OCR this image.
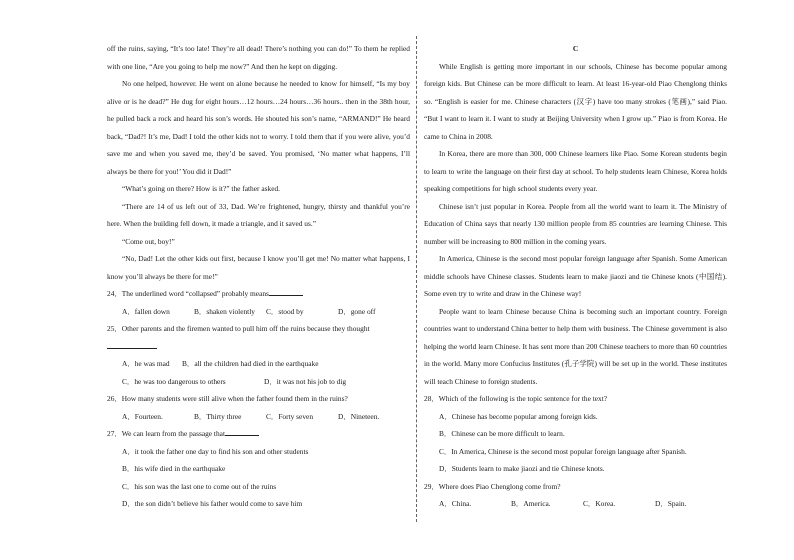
off the ruins, saying, “It’s too late! They’re all dead! There’s nothing you can do!” To them he replied with one line, “Are you going to help me now?” And then he kept on digging.

No one helped, however. He went on alone because he needed to know for himself, “Is my boy alive or is he dead?” He dug for eight hours…12 hours…24 hours…36 hours.. then in the 38th hour, he pulled back a rock and heard his son’s words. He shouted his son’s name, “ARMAND!” He heard back, “Dad?! It’s me, Dad! I told the other kids not to worry. I told them that if you were alive, you’d save me and when you saved me, they’d be saved. You promised, ‘No matter what happens, I’ll always be there for you!’ You did it Dad!”

“What’s going on there? How is it?” the father asked.

“There are 14 of us left out of 33, Dad. We’re frightened, hungry, thirsty and thankful you’re here. When the building fell down, it made a triangle, and it saved us.”

“Come out, boy!”

“No, Dad! Let the other kids out first, because I know you’ll get me! No matter what happens, I know you’ll always be there for me!”

24．The underlined word “collapsed” probably means

A．fallen down	B．shaken violently	C．stood by	D．gone off

25．Other parents and the firemen wanted to pull him off the ruins because they thought

A．he was mad	B．all the children had died in the earthquake
C．he was too dangerous to others	D．it was not his job to dig

26．How many students were still alive when the father found them in the ruins?

A．Fourteen.	B．Thirty three	C．Forty seven	D．Nineteen.

27．We can learn from the passage that

A．it took the father one day to find his son and other students

B．his wife died in the earthquake

C．his son was the last one to come out of the ruins

D．the son didn’t believe his father would come to save him

C

While English is getting more important in our schools, Chinese has become popular among foreign kids. But Chinese can be more difficult to learn. At least 16-year-old Piao Chenglong thinks so. “English is easier for me. Chinese characters (汉字) have too many strokes (笔画),” said Piao. “But I want to learn it. I want to study at Beijing University when I grow up.” Piao is from Korea. He came to China in 2008.

In Korea, there are more than 300, 000 Chinese learners like Piao. Some Korean students begin to learn to write the language on their first day at school. To help students learn Chinese, Korea holds speaking competitions for high school students every year.

Chinese isn’t just popular in Korea. People from all the world want to learn it. The Ministry of Education of China says that nearly 130 million people from 85 countries are learning Chinese. This number will be increasing to 800 million in the coming years.

In America, Chinese is the second most popular foreign language after Spanish. Some American middle schools have Chinese classes. Students learn to make jiaozi and tie Chinese knots (中国结). Some even try to write and draw in the Chinese way!

People want to learn Chinese because China is becoming such an important country. Foreign countries want to understand China better to help them with business. The Chinese government is also helping the world learn Chinese. It has sent more than 200 Chinese teachers to more than 60 countries in the world. Many more Confucius Institutes (孔子学院) will be set up in the world. These institutes will teach Chinese to foreign students.

28．Which of the following is the topic sentence for the text?

A．Chinese has become popular among foreign kids.

B．Chinese can be more difficult to learn.

C．In America, Chinese is the second most popular foreign language after Spanish.

D．Students learn to make jiaozi and tie Chinese knots.

29．Where does Piao Chenglong come from?

A．China.	B．America.	C．Korea.	D．Spain.
